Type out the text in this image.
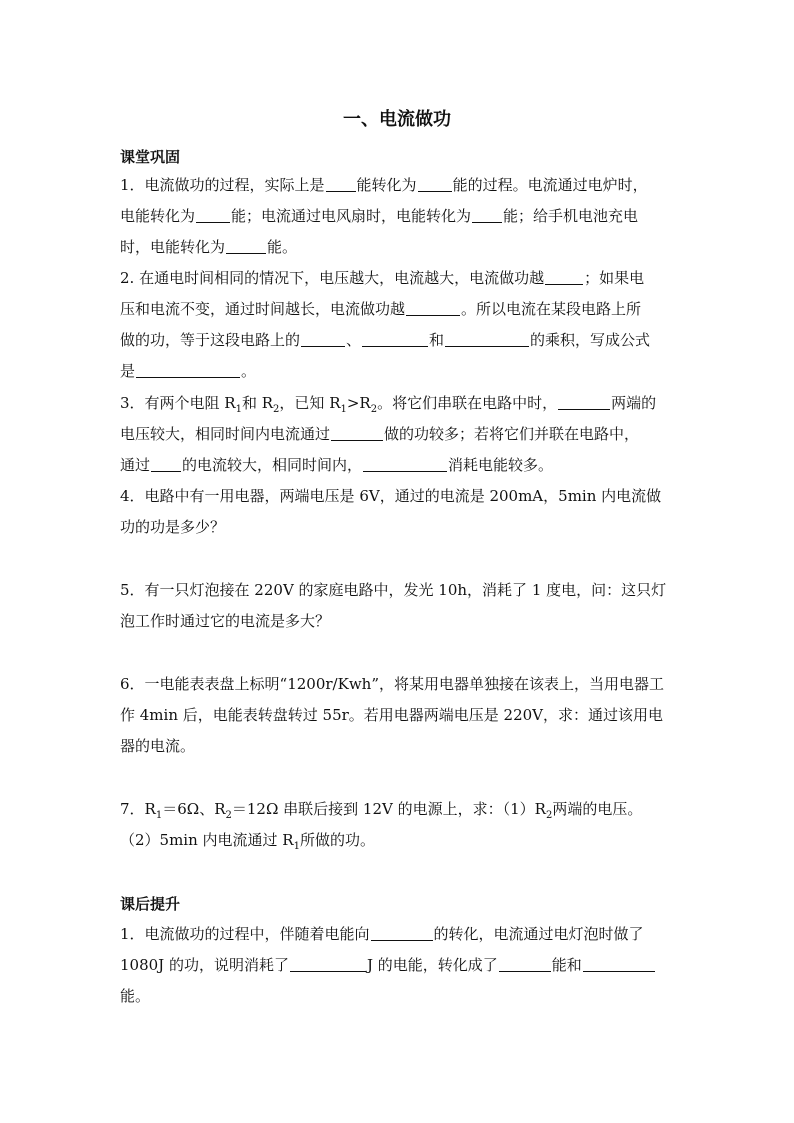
一、电流做功
课堂巩固
1．电流做功的过程，实际上是 能转化为 能的过程。电流通过电炉时，
电能转化为 能；电流通过电风扇时，电能转化为 能；给手机电池充电
时，电能转化为	能。
2. 在通电时间相同的情况下，电压越大，电流越大，电流做功越	；如果电
压和电流不变，通过时间越长，电流做功越	。所以电流在某段电路上所
做的功，等于这段电路上的	、	和	的乘积，写成公式
是	。
3．有两个电阻 $R_1$和 $R_2$，已知 $R_1>R_2$。将它们串联在电路中时，	两端的
电压较大，相同时间内电流通过	做的功较多；若将它们并联在电路中，
通过 的电流较大，相同时间内，	消耗电能较多。
4．电路中有一用电器，两端电压是 6V，通过的电流是 200mA，5min 内电流做
功的功是多少？
5．有一只灯泡接在 220V 的家庭电路中，发光 10h，消耗了 1 度电，问：这只灯
泡工作时通过它的电流是多大？
6．一电能表表盘上标明“1200r/Kwh”，将某用电器单独接在该表上，当用电器工
作 4min 后，电能表转盘转过 55r。若用电器两端电压是 220V，求：通过该用电
器的电流。
7．$R_1=6\Omega$、$R_2=12\Omega$ 串联后接到 12V 的电源上，求：$(1)R_2$两端的电压。
（2）5min 内电流通过 $R_1$所做的功。
课后提升
1．电流做功的过程中，伴随着电能向	的转化，电流通过电灯泡时做了
1080J 的功，说明消耗了	J 的电能，转化成了	能和
能。
